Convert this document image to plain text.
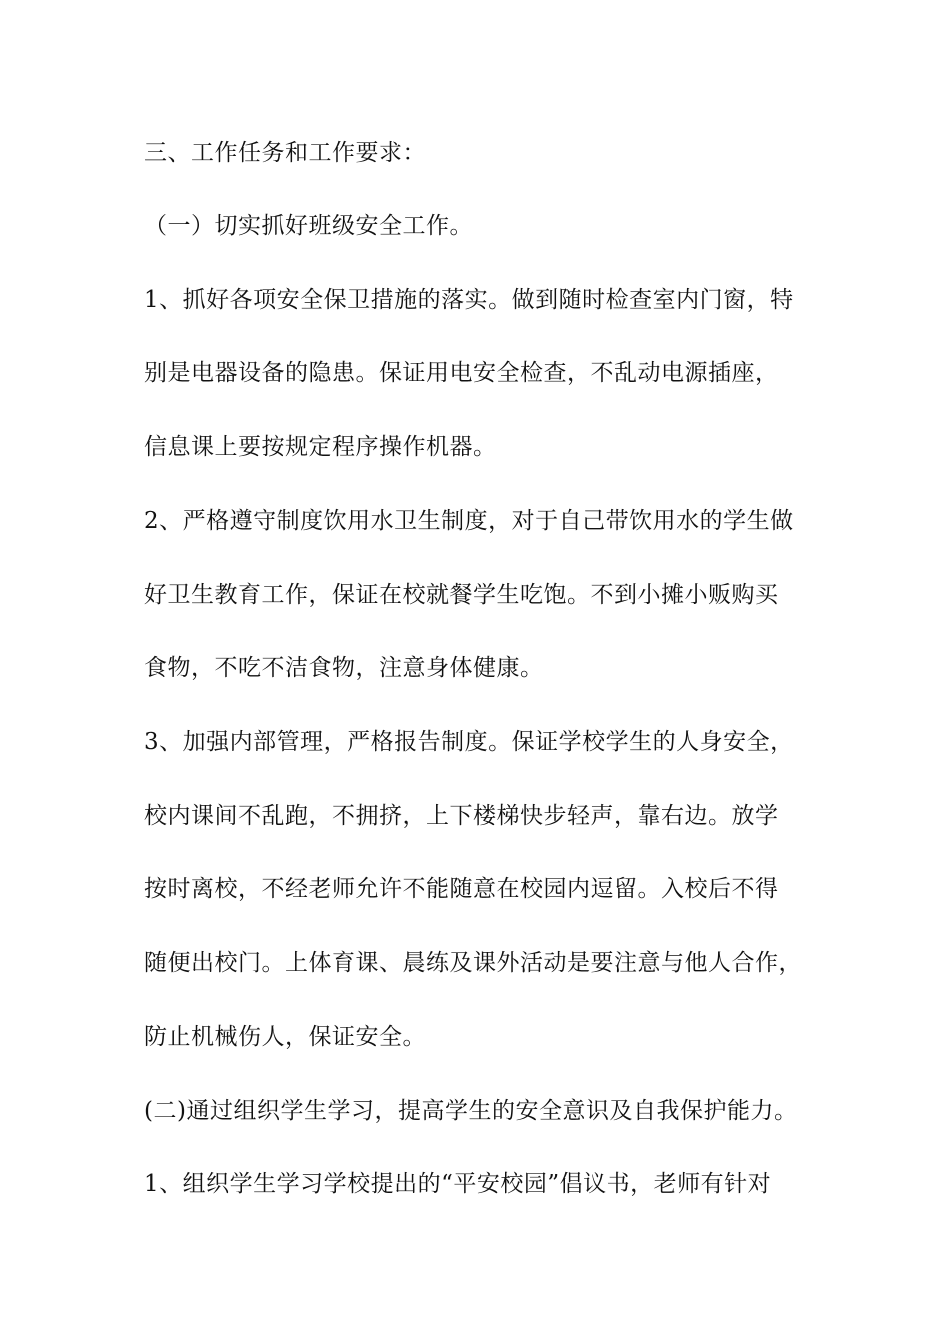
三、工作任务和工作要求：
（一）切实抓好班级安全工作。
1、抓好各项安全保卫措施的落实。做到随时检查室内门窗，特
别是电器设备的隐患。保证用电安全检查，不乱动电源插座，
信息课上要按规定程序操作机器。
2、严格遵守制度饮用水卫生制度，对于自己带饮用水的学生做
好卫生教育工作，保证在校就餐学生吃饱。不到小摊小贩购买
食物，不吃不洁食物，注意身体健康。
3、加强内部管理，严格报告制度。保证学校学生的人身安全，
校内课间不乱跑，不拥挤，上下楼梯快步轻声，靠右边。放学
按时离校，不经老师允许不能随意在校园内逗留。入校后不得
随便出校门。上体育课、晨练及课外活动是要注意与他人合作，
防止机械伤人，保证安全。
(二)通过组织学生学习，提高学生的安全意识及自我保护能力。
1、组织学生学习学校提出的“平安校园”倡议书，老师有针对
